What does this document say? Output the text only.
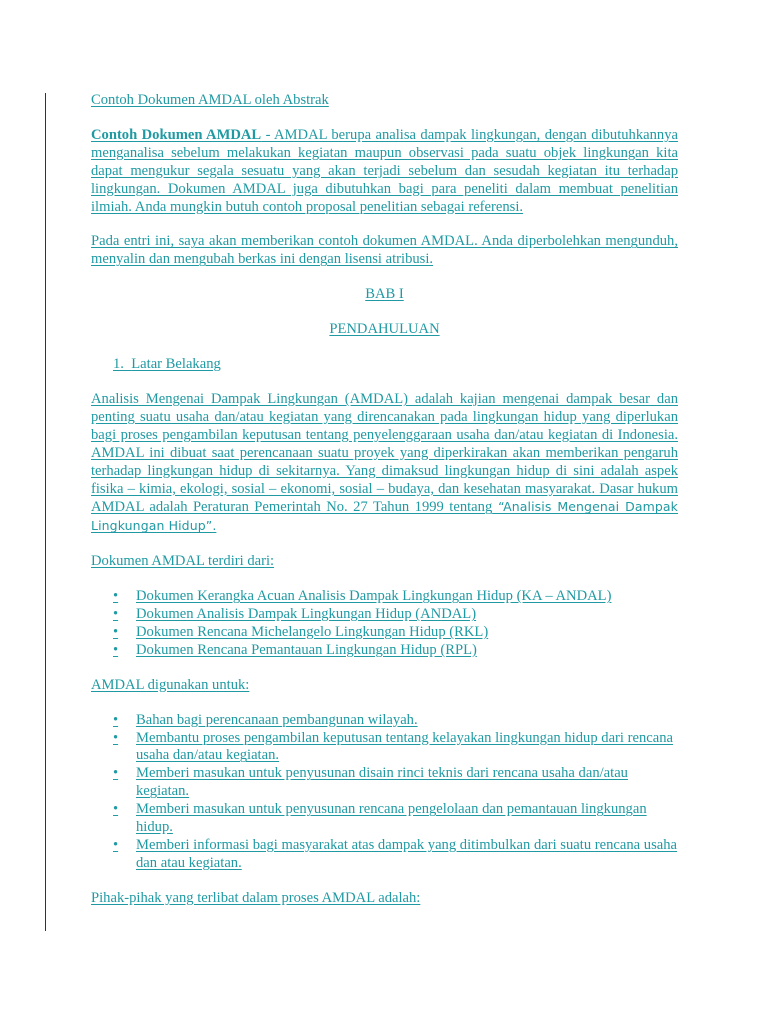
Contoh Dokumen AMDAL oleh Abstrak

Contoh Dokumen AMDAL - AMDAL berupa analisa dampak lingkungan, dengan dibutuhkannya menganalisa sebelum melakukan kegiatan maupun observasi pada suatu objek lingkungan kita dapat mengukur segala sesuatu yang akan terjadi sebelum dan sesudah kegiatan itu terhadap lingkungan. Dokumen AMDAL juga dibutuhkan bagi para peneliti dalam membuat penelitian ilmiah. Anda mungkin butuh contoh proposal penelitian sebagai referensi.

Pada entri ini, saya akan memberikan contoh dokumen AMDAL. Anda diperbolehkan mengunduh, menyalin dan mengubah berkas ini dengan lisensi atribusi.

BAB I

PENDAHULUAN

1. Latar Belakang

Analisis Mengenai Dampak Lingkungan (AMDAL) adalah kajian mengenai dampak besar dan penting suatu usaha dan/atau kegiatan yang direncanakan pada lingkungan hidup yang diperlukan bagi proses pengambilan keputusan tentang penyelenggaraan usaha dan/atau kegiatan di Indonesia. AMDAL ini dibuat saat perencanaan suatu proyek yang diperkirakan akan memberikan pengaruh terhadap lingkungan hidup di sekitarnya. Yang dimaksud lingkungan hidup di sini adalah aspek fisika – kimia, ekologi, sosial – ekonomi, sosial – budaya, dan kesehatan masyarakat. Dasar hukum AMDAL adalah Peraturan Pemerintah No. 27 Tahun 1999 tentang “Analisis Mengenai Dampak Lingkungan Hidup”.

Dokumen AMDAL terdiri dari:

• Dokumen Kerangka Acuan Analisis Dampak Lingkungan Hidup (KA – ANDAL)
• Dokumen Analisis Dampak Lingkungan Hidup (ANDAL)
• Dokumen Rencana Michelangelo Lingkungan Hidup (RKL)
• Dokumen Rencana Pemantauan Lingkungan Hidup (RPL)

AMDAL digunakan untuk:

• Bahan bagi perencanaan pembangunan wilayah.
• Membantu proses pengambilan keputusan tentang kelayakan lingkungan hidup dari rencana usaha dan/atau kegiatan.
• Memberi masukan untuk penyusunan disain rinci teknis dari rencana usaha dan/atau kegiatan.
• Memberi masukan untuk penyusunan rencana pengelolaan dan pemantauan lingkungan hidup.
• Memberi informasi bagi masyarakat atas dampak yang ditimbulkan dari suatu rencana usaha dan atau kegiatan.

Pihak-pihak yang terlibat dalam proses AMDAL adalah:
